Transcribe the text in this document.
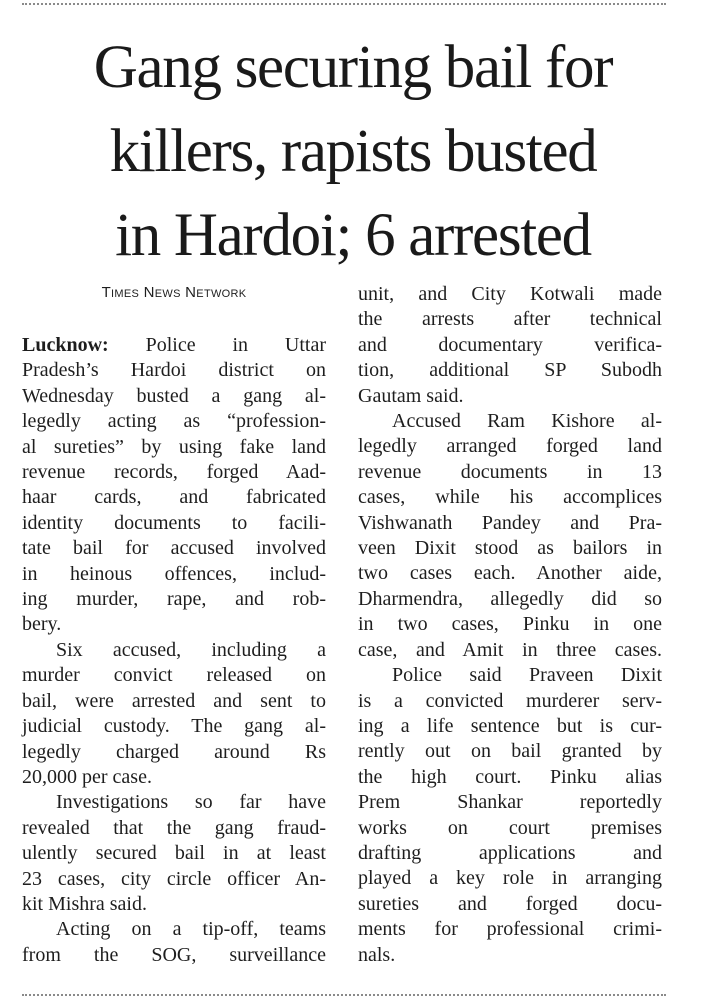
Gang securing bail for
killers, rapists busted
in Hardoi; 6 arrested
Times News Network
Lucknow: Police in Uttar
Pradesh’s Hardoi district on
Wednesday busted a gang al-
legedly acting as “profession-
al sureties” by using fake land
revenue records, forged Aad-
haar cards, and fabricated
identity documents to facili-
tate bail for accused involved
in heinous offences, includ-
ing murder, rape, and rob-
bery.
Six accused, including a
murder convict released on
bail, were arrested and sent to
judicial custody. The gang al-
legedly charged around Rs
20,000 per case.
Investigations so far have
revealed that the gang fraud-
ulently secured bail in at least
23 cases, city circle officer An-
kit Mishra said.
Acting on a tip-off, teams
from the SOG, surveillance
unit, and City Kotwali made
the arrests after technical
and documentary verifica-
tion, additional SP Subodh
Gautam said.
Accused Ram Kishore al-
legedly arranged forged land
revenue documents in 13
cases, while his accomplices
Vishwanath Pandey and Pra-
veen Dixit stood as bailors in
two cases each. Another aide,
Dharmendra, allegedly did so
in two cases, Pinku in one
case, and Amit in three cases.
Police said Praveen Dixit
is a convicted murderer serv-
ing a life sentence but is cur-
rently out on bail granted by
the high court. Pinku alias
Prem Shankar reportedly
works on court premises
drafting applications and
played a key role in arranging
sureties and forged docu-
ments for professional crimi-
nals.
